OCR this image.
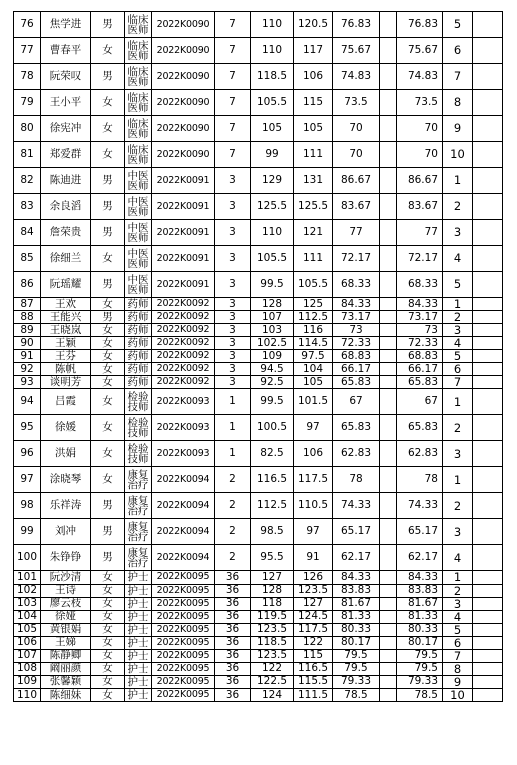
76	焦学进	男	临床医师	2022K0090	7	110	120.5	76.83		76.83	5	
77	曹春平	女	临床医师	2022K0090	7	110	117	75.67		75.67	6	
78	阮荣叹	男	临床医师	2022K0090	7	118.5	106	74.83		74.83	7	
79	王小平	女	临床医师	2022K0090	7	105.5	115	73.5		73.5	8	
80	徐宪冲	女	临床医师	2022K0090	7	105	105	70		70	9	
81	郑爱群	女	临床医师	2022K0090	7	99	111	70		70	10	
82	陈迪进	男	中医医师	2022K0091	3	129	131	86.67		86.67	1	
83	余良滔	男	中医医师	2022K0091	3	125.5	125.5	83.67		83.67	2	
84	詹荣贵	男	中医医师	2022K0091	3	110	121	77		77	3	
85	徐细兰	女	中医医师	2022K0091	3	105.5	111	72.17		72.17	4	
86	阮瑶耀	男	中医医师	2022K0091	3	99.5	105.5	68.33		68.33	5	
87	王欢	女	药师	2022K0092	3	128	125	84.33		84.33	1	
88	王能兴	男	药师	2022K0092	3	107	112.5	73.17		73.17	2	
89	王晓岚	女	药师	2022K0092	3	103	116	73		73	3	
90	王颖	女	药师	2022K0092	3	102.5	114.5	72.33		72.33	4	
91	王芬	女	药师	2022K0092	3	109	97.5	68.83		68.83	5	
92	陈帆	女	药师	2022K0092	3	94.5	104	66.17		66.17	6	
93	谈明芳	女	药师	2022K0092	3	92.5	105	65.83		65.83	7	
94	吕霞	女	检验技师	2022K0093	1	99.5	101.5	67		67	1	
95	徐媛	女	检验技师	2022K0093	1	100.5	97	65.83		65.83	2	
96	洪娟	女	检验技师	2022K0093	1	82.5	106	62.83		62.83	3	
97	涂晓琴	女	康复治疗	2022K0094	2	116.5	117.5	78		78	1	
98	乐祥涛	男	康复治疗	2022K0094	2	112.5	110.5	74.33		74.33	2	
99	刘冲	男	康复治疗	2022K0094	2	98.5	97	65.17		65.17	3	
100	朱铮铮	男	康复治疗	2022K0094	2	95.5	91	62.17		62.17	4	
101	阮沙清	女	护士	2022K0095	36	127	126	84.33		84.33	1	
102	王诗	女	护士	2022K0095	36	128	123.5	83.83		83.83	2	
103	廖云枝	女	护士	2022K0095	36	118	127	81.67		81.67	3	
104	徐娅	女	护士	2022K0095	36	119.5	124.5	81.33		81.33	4	
105	黄银娟	女	护士	2022K0095	36	123.5	117.5	80.33		80.33	5	
106	王娣	女	护士	2022K0095	36	118.5	122	80.17		80.17	6	
107	陈静卿	女	护士	2022K0095	36	123.5	115	79.5		79.5	7	
108	阚丽颜	女	护士	2022K0095	36	122	116.5	79.5		79.5	8	
109	张馨颖	女	护士	2022K0095	36	122.5	115.5	79.33		79.33	9	
110	陈细妹	女	护士	2022K0095	36	124	111.5	78.5		78.5	10	
